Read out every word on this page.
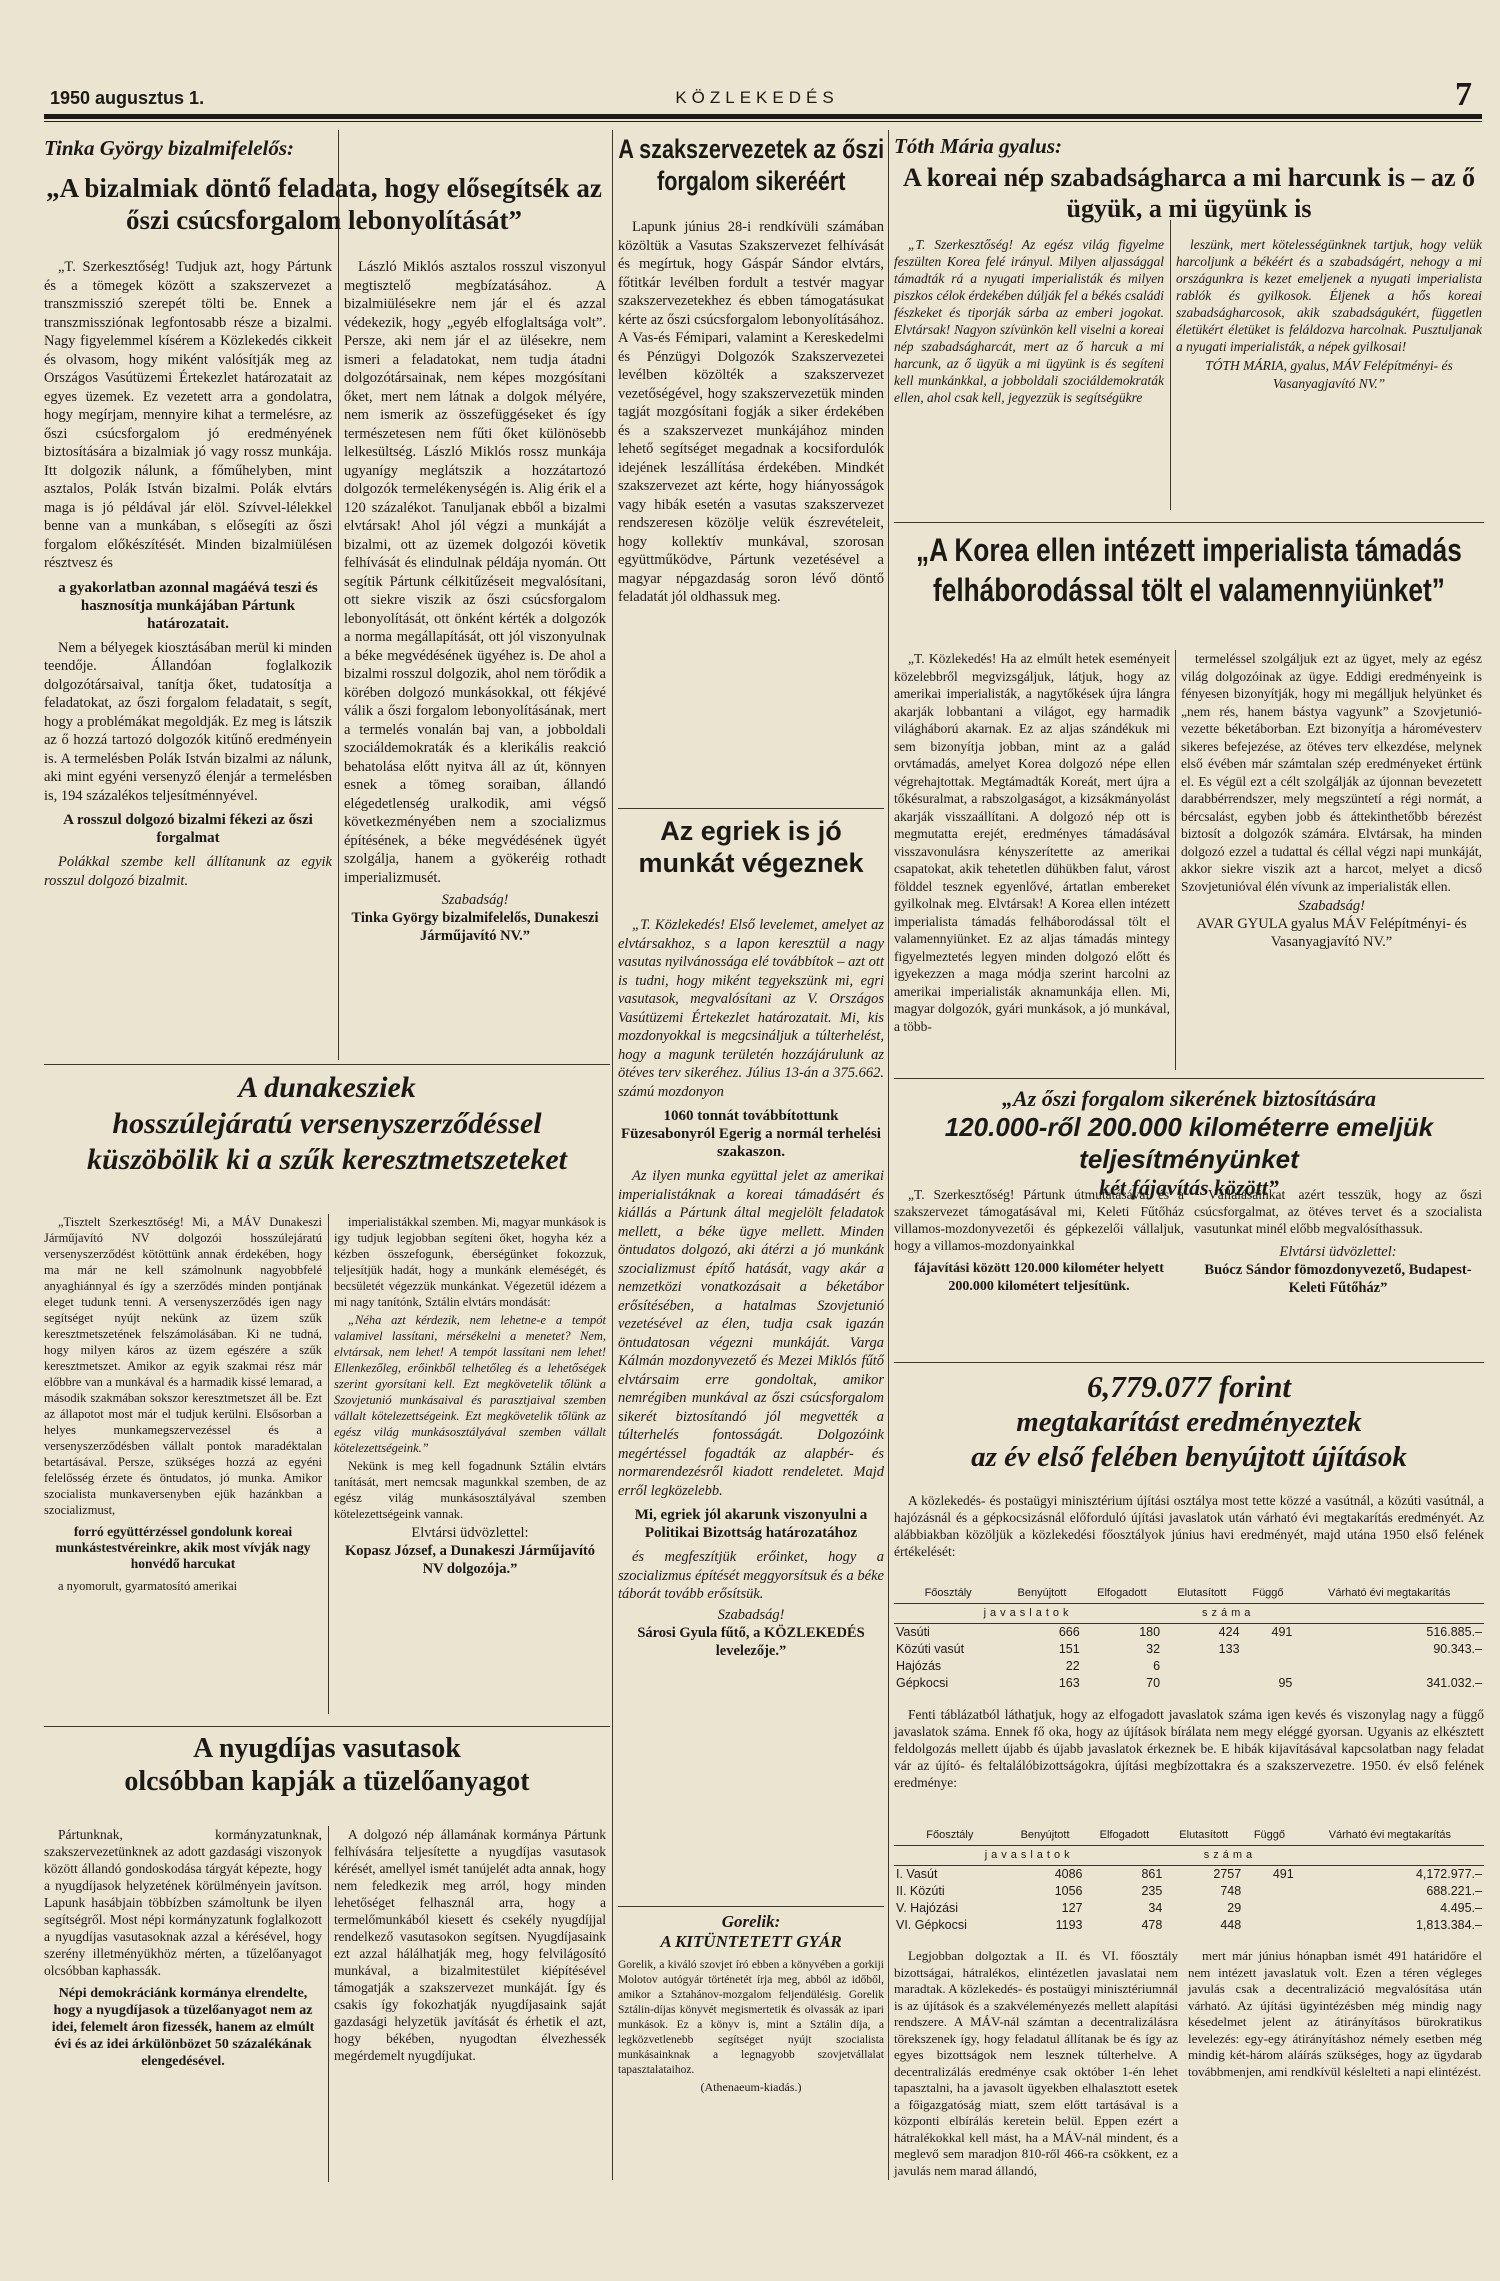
1950 augusztus 1.	KÖZLEKEDÉS	7
Tinka György bizalmifelelős:
„A bizalmiak döntő feladata, hogy elősegítsék az őszi csúcsforgalom lebonyolítását”

„T. Szerkesztőség! Tudjuk azt, hogy Pártunk és a tömegek között a szakszervezet a transzmisszió szerepét tölti be. Ennek a transzmissziónak legfontosabb része a bizalmi. Nagy figyelemmel kísérem a Közlekedés cikkeit és olvasom, hogy miként valósítják meg az Országos Vasútüzemi Értekezlet határozatait az egyes üzemek. Ez vezetett arra a gondolatra, hogy megírjam, mennyire kihat a termelésre, az őszi csúcsforgalom jó eredményének biztosítására a bizalmiak jó vagy rossz munkája. Itt dolgozik nálunk, a főműhelyben, mint asztalos, Polák István bizalmi. Polák elvtárs maga is jó példával jár elöl. Szívvel-lélekkel benne van a munkában, s elősegíti az őszi forgalom előkészítését. Minden bizalmiülésen résztvesz és

a gyakorlatban azonnal magáévá teszi és hasznosítja munkájában Pártunk határozatait.

Nem a bélyegek kiosztásában merül ki minden teendője. Állandóan foglalkozik dolgozótársaival, tanítja őket, tudatosítja a feladatokat, az őszi forgalom feladatait, s segít, hogy a problémákat megoldják. Ez meg is látszik az ő hozzá tartozó dolgozók kitűnő eredményein is. A termelésben Polák István bizalmi az nálunk, aki mint egyéni versenyző élenjár a termelésben is, 194 százalékos teljesítménnyével.

A rosszul dolgozó bizalmi fékezi az őszi forgalmat

Polákkal szembe kell állítanunk az egyik rosszul dolgozó bizalmit.

László Miklós asztalos rosszul viszonyul megtisztelő megbízatásához. A bizalmiülésekre nem jár el és azzal védekezik, hogy „egyéb elfoglaltsága volt”. Persze, aki nem jár el az ülésekre, nem ismeri a feladatokat, nem tudja átadni dolgozótársainak, nem képes mozgósítani őket, mert nem látnak a dolgok mélyére, nem ismerik az összefüggéseket és így természetesen nem fűti őket különösebb lelkesültség. László Miklós rossz munkája ugyanígy meglátszik a hozzátartozó dolgozók termelékenységén is. Alig érik el a 120 százalékot. Tanuljanak ebből a bizalmi elvtársak! Ahol jól végzi a munkáját a bizalmi, ott az üzemek dolgozói követik felhívását és elindulnak példája nyomán. Ott segítik Pártunk célkitűzéseit megvalósítani, ott siekre viszik az őszi csúcsforgalom lebonyolítását, ott önként kérték a dolgozók a norma megállapítását, ott jól viszonyulnak a béke megvédésének ügyéhez is. De ahol a bizalmi rosszul dolgozik, ahol nem törődik a körében dolgozó munkásokkal, ott fékjévé válik a őszi forgalom lebonyolításának, mert a termelés vonalán baj van, a jobboldali szociáldemokraták és a klerikális reakció behatolása előtt nyitva áll az út, könnyen esnek a tömeg soraiban, állandó elégedetlenség uralkodik, ami végső következményében nem a szocializmus építésének, a béke megvédésének ügyét szolgálja, hanem a gyökeréig rothadt imperializmusét.

Szabadság!
Tinka György bizalmifelelős, Dunakeszi Járműjavító NV.”
A szakszervezetek az őszi forgalom sikeréért

Lapunk június 28-i rendkívüli számában közöltük a Vasutas Szakszervezet felhívását és megírtuk, hogy Gáspár Sándor elvtárs, főtitkár levélben fordult a testvér magyar szakszervezetekhez és ebben támogatásukat kérte az őszi csúcsforgalom lebonyolításához. A Vas-és Fémipari, valamint a Kereskedelmi és Pénzügyi Dolgozók Szakszervezetei levélben közölték a szakszervezet vezetőségével, hogy szakszervezetük minden tagját mozgósítani fogják a siker érdekében és a szakszervezet munkájához minden lehető segítséget megadnak a kocsifordulók idejének leszállítása érdekében. Mindkét szakszervezet azt kérte, hogy hiányosságok vagy hibák esetén a vasutas szakszervezet rendszeresen közölje velük észrevételeit, hogy kollektív munkával, szorosan együttműködve, Pártunk vezetésével a magyar népgazdaság soron lévő döntő feladatát jól oldhassuk meg.

Az egriek is jó munkát végeznek

„T. Közlekedés! Első levelemet, amelyet az elvtársakhoz, s a lapon keresztül a nagy vasutas nyilvánossága elé továbbítok – azt ott is tudni, hogy miként tegyekszünk mi, egri vasutasok, megvalósítani az V. Országos Vasútüzemi Értekezlet határozatait. Mi, kis mozdonyokkal is megcsináljuk a túlterhelést, hogy a magunk területén hozzájárulunk az ötéves terv sikeréhez. Július 13-án a 375.662. számú mozdonyon

1060 tonnát továbbítottunk Füzesabonyról Egerig a normál terhelési szakaszon.

Az ilyen munka együttal jelet az amerikai imperialistáknak a koreai támadásért és kiállás a Pártunk által megjelölt feladatok mellett, a béke ügye mellett. Minden öntudatos dolgozó, aki átérzi a jó munkánk szocializmust építő hatását, vagy akár a nemzetközi vonatkozásait a béketábor erősítésében, a hatalmas Szovjetunió vezetésével az élen, tudja csak igazán öntudatosan végezni munkáját. Varga Kálmán mozdonyvezető és Mezei Miklós fűtő elvtársaim erre gondoltak, amikor nemrégiben munkával az őszi csúcsforgalom sikerét biztosítandó jól megvették a túlterhelés fontosságát. Dolgozóink megértéssel fogadták az alapbér- és normarendezésről kiadott rendeletet. Majd erről legközelebb.

Mi, egriek jól akarunk viszonyulni a Politikai Bizottság határozatához

és megfeszítjük erőinket, hogy a szocializmus építését meggyorsítsuk és a béke táborát tovább erősítsük.

Szabadság!
Sárosi Gyula fűtő, a KÖZLEKEDÉS levelezője.”
Gorelik:
A KITÜNTETETT GYÁR
Gorelik, a kiváló szovjet író ebben a könyvében a gorkiji Molotov autógyár történetét írja meg, abból az időből, amikor a Sztahánov-mozgalom feljendülésig. Gorelik Sztálin-díjas könyvét megismertetik és olvassák az ipari munkások. Ez a könyv is, mint a Sztálin díja, a legközvetlenebb segítséget nyújt szocialista munkásainknak a legnagyobb szovjetvállalat tapasztalataihoz.
(Athenaeum-kiadás.)
Tóth Mária gyalus:
A koreai nép szabadságharca a mi harcunk is – az ő ügyük, a mi ügyünk is

„T. Szerkesztőség! Az egész világ figyelme feszülten Korea felé irányul. Milyen aljassággal támadták rá a nyugati imperialisták és milyen piszkos célok érdekében dúlják fel a békés családi fészkeket és tiporják sárba az emberi jogokat. Elvtársak! Nagyon szívünkön kell viselni a koreai nép szabadságharcát, mert az ő harcuk a mi harcunk, az ő ügyük a mi ügyünk is és segíteni kell munkánkkal, a jobboldali szociáldemokraták ellen, ahol csak kell, jegyezzük is segítségükre

leszünk, mert kötelességünknek tartjuk, hogy velük harcoljunk a békéért és a szabadságért, nehogy a mi országunkra is kezet emeljenek a nyugati imperialista rablók és gyilkosok. Éljenek a hős koreai szabadságharcosok, akik szabadságukért, független életükért életüket is feláldozva harcolnak. Pusztuljanak a nyugati imperialisták, a népek gyilkosai!

TÓTH MÁRIA, gyalus, MÁV Felépítményi- és Vasanyagjavító NV.”
„A Korea ellen intézett imperialista támadás felháborodással tölt el valamennyiünket”

„T. Közlekedés! Ha az elmúlt hetek eseményeit közelebbről megvizsgáljuk, látjuk, hogy az amerikai imperialisták, a nagytőkések újra lángra akarják lobbantani a világot, egy harmadik világháború akarnak. Ez az aljas szándékuk mi sem bizonyítja jobban, mint az a galád orvtámadás, amelyet Korea dolgozó népe ellen végrehajtottak. Megtámadták Koreát, mert újra a tőkésuralmat, a rabszolgaságot, a kizsákmányolást akarják visszaállítani. A dolgozó nép ott is megmutatta erejét, eredményes támadásával visszavonulásra kényszerítette az amerikai csapatokat, akik tehetetlen dühükben falut, várost földdel tesznek egyenlővé, ártatlan embereket gyilkolnak meg. Elvtársak! A Korea ellen intézett imperialista támadás felháborodással tölt el valamennyiünket. Ez az aljas támadás mintegy figyelmeztetés legyen minden dolgozó előtt és igyekezzen a maga módja szerint harcolni az amerikai imperialisták aknamunkája ellen. Mi, magyar dolgozók, gyári munkások, a jó munkával, a több-

termeléssel szolgáljuk ezt az ügyet, mely az egész világ dolgozóinak az ügye. Eddigi eredményeink is fényesen bizonyítják, hogy mi megálljuk helyünket és „nem rés, hanem bástya vagyunk” a Szovjetunió-vezette béketáborban. Ezt bizonyítja a háromévesterv sikeres befejezése, az ötéves terv elkezdése, melynek első évében már számtalan szép eredményeket értünk el. Es végül ezt a célt szolgálják az újonnan bevezetett darabbérrendszer, mely megszüntetí a régi normát, a bércsalást, egyben jobb és áttekinthetőbb bérezést biztosít a dolgozók számára. Elvtársak, ha minden dolgozó ezzel a tudattal és céllal végzi napi munkáját, akkor siekre viszik azt a harcot, melyet a dicső Szovjetunióval élén vívunk az imperialisták ellen.

Szabadság!
AVAR GYULA gyalus MÁV Felépítményi- és Vasanyagjavító NV.”
„Az őszi forgalom sikerének biztosítására
120.000-ről 200.000 kilométerre emeljük teljesítményünket
két fájavítás között”

„T. Szerkesztőség! Pártunk útmutatásával és a szakszervezet támogatásával mi, Keleti Fűtőház villamos-mozdonyvezetői és gépkezelői vállaljuk, hogy a villamos-mozdonyainkkal

fájavítási között 120.000 kilométer helyett 200.000 kilométert teljesítünk.

Vállalásainkat azért tesszük, hogy az őszi csúcsforgalmat, az ötéves tervet és a szocialista vasutunkat minél előbb megvalósíthassuk.

Elvtársi üdvözlettel:
Buócz Sándor fömozdonyvezető, Budapest-Keleti Fűtőház”
6,779.077 forint
megtakarítást eredményeztek
az év első felében benyújtott újítások

A közlekedés- és postaügyi minisztérium újítási osztálya most tette közzé a vasútnál, a közúti vasútnál, a hajózásnál és a gépkocsizásnál előforduló újítási javaslatok után várható évi megtakarítás eredményét. Az alábbiakban közöljük a közlekedési főosztályok június havi eredményét, majd utána 1950 első felének értékelését:

Főosztály	Benyújtott	Elfogadott	Elutasított	Függő	Várható évi megtakarítás
javaslatok			száma		
Vasúti	666	180	424	491	516.885.–
Közúti vasút	151	32	133		90.343.–
Hajózás	22	6			
Gépkocsi	163	70		95	341.032.–

Fenti táblázatból láthatjuk, hogy az elfogadott javaslatok száma igen kevés és viszonylag nagy a függő javaslatok száma. Ennek fő oka, hogy az újítások bírálata nem megy eléggé gyorsan. Ugyanis az elkésztett feldolgozás mellett újabb és újabb javaslatok érkeznek be. E hibák kijavításával kapcsolatban nagy feladat vár az újító- és feltalálóbizottságokra, újítási megbízottakra és a szakszervezetre. 1950. év első felének eredménye:

Főosztály	Benyújtott	Elfogadott	Elutasított	Függő	Várható évi megtakarítás
javaslatok			száma		
I. Vasút	4086	861	2757	491	4,172.977.–
II. Közúti	1056	235	748		688.221.–
V. Hajózási	127	34	29		4.495.–
VI. Gépkocsi	1193	478	448		1,813.384.–

Legjobban dolgoztak a II. és VI. főosztály bizottságai, hátralékos, elintézetlen javaslatai nem maradtak. A közlekedés- és postaügyi minisztériumnál is az újítások és a szakvéleményezés mellett alapítási rendszere. A MÁV-nál számtan a decentralizálásra törekszenek így, hogy feladatul állítanak be és így az egyes bizottságok nem lesznek túlterhelve. A decentralizálás eredménye csak október 1-én lehet tapasztalni, ha a javasolt ügyekben elhalasztott esetek a főigazgatóság miatt, szem előtt tartásával is a központi elbírálás keretein belül. Eppen ezért a hátralékokkal kell mást, ha a MÁV-nál mindent, és a meglevő sem maradjon 810-ről 466-ra csökkent, ez a javulás nem marad állandó,

mert már június hónapban ismét 491 határidőre el nem intézett javaslatuk volt. Ezen a téren végleges javulás csak a decentralizáció megvalósítása után várható. Az újítási ügyintézésben még mindig nagy késedelmet jelent az átirányításos bürokratikus levelezés: egy-egy átirányításhoz némely esetben még mindig két-három aláírás szükséges, hogy az ügydarab továbbmenjen, ami rendkívül késlelteti a napi elintézést.

A dunakesziek
hosszúlejáratú versenyszerződéssel
küszöbölik ki a szűk keresztmetszeteket

„Tisztelt Szerkesztőség! Mi, a MÁV Dunakeszi Járműjavító NV dolgozói hosszúlejáratú versenyszerződést kötöttünk annak érdekében, hogy ma már ne kell számolnunk nagyobbfelé anyaghiánnyal és így a szerződés minden pontjának eleget tudunk tenni. A versenyszerződés igen nagy segítséget nyújt nekünk az üzem szűk keresztmetszetének felszámolásában. Ki ne tudná, hogy milyen káros az üzem egészére a szűk keresztmetszet. Amikor az egyik szakmai rész már előbbre van a munkával és a harmadik kissé lemarad, a második szakmában sokszor keresztmetszet áll be. Ezt az állapotot most már el tudjuk kerülni. Elsősorban a helyes munkamegszervezéssel és a versenyszerződésben vállalt pontok maradéktalan betartásával. Persze, szükséges hozzá az egyéni felelősség érzete és öntudatos, jó munka. Amikor szocialista munkaversenyben ejük hazánkban a szocializmust,

forró együttérzéssel gondolunk koreai munkástestvéreinkre, akik most vívják nagy honvédő harcukat

a nyomorult, gyarmatosító amerikai

imperialistákkal szemben. Mi, magyar munkások is igy tudjuk legjobban segíteni őket, hogyha kéz a kézben összefogunk, éberségünket fokozzuk, teljesítjük hadát, hogy a munkánk eleméségét, és becsületét végezzük munkánkat. Végezetül idézem a mi nagy tanítónk, Sztálin elvtárs mondását:

„Néha azt kérdezik, nem lehetne-e a tempót valamivel lassítani, mérsékelni a menetet? Nem, elvtársak, nem lehet! A tempót lassítani nem lehet! Ellenkezőleg, erőinkből telhetőleg és a lehetőségek szerint gyorsítani kell. Ezt megkövetelik tőlünk a Szovjetunió munkásaival és parasztjaival szemben vállalt kötelezettségeink. Ezt megkövetelik tőlünk az egész világ munkásosztályával szemben vállalt kötelezettségeink.”

Nekünk is meg kell fogadnunk Sztálin elvtárs tanítását, mert nemcsak magunkkal szemben, de az egész világ munkásosztályával szemben kötelezettségeink vannak.

Elvtársi üdvözlettel:
Kopasz József, a Dunakeszi Járműjavító NV dolgozója.”
A nyugdíjas vasutasok
olcsóbban kapják a tüzelőanyagot

Pártunknak, kormányzatunknak, szakszervezetünknek az adott gazdasági viszonyok között állandó gondoskodása tárgyát képezte, hogy a nyugdíjasok helyzetének körülményein javítson. Lapunk hasábjain többízben számoltunk be ilyen segítségről. Most népi kormányzatunk foglalkozott a nyugdíjas vasutasoknak azzal a kérésével, hogy szerény illetményükhöz mérten, a tűzelőanyagot olcsóbban kaphassák.

Népi demokráciánk kormánya elrendelte, hogy a nyugdíjasok a tüzelőanyagot nem az idei, felemelt áron fizessék, hanem az elmúlt évi és az idei árkülönbözet 50 százalékának elengedésével.

A dolgozó nép államának kormánya Pártunk felhívására teljesítette a nyugdíjas vasutasok kérését, amellyel ismét tanújelét adta annak, hogy nem feledkezik meg arról, hogy minden lehetőséget felhasznál arra, hogy a termelőmunkából kiesett és csekély nyugdíjjal rendelkező vasutasokon segítsen. Nyugdíjasaink ezt azzal hálálhatják meg, hogy felvilágosító munkával, a bizalmitestület kiépítésével támogatják a szakszervezet munkáját. Így és csakis így fokozhatják nyugdíjasaink saját gazdasági helyzetük javítását és érhetik el azt, hogy békében, nyugodtan élvezhessék megérdemelt nyugdíjukat.
